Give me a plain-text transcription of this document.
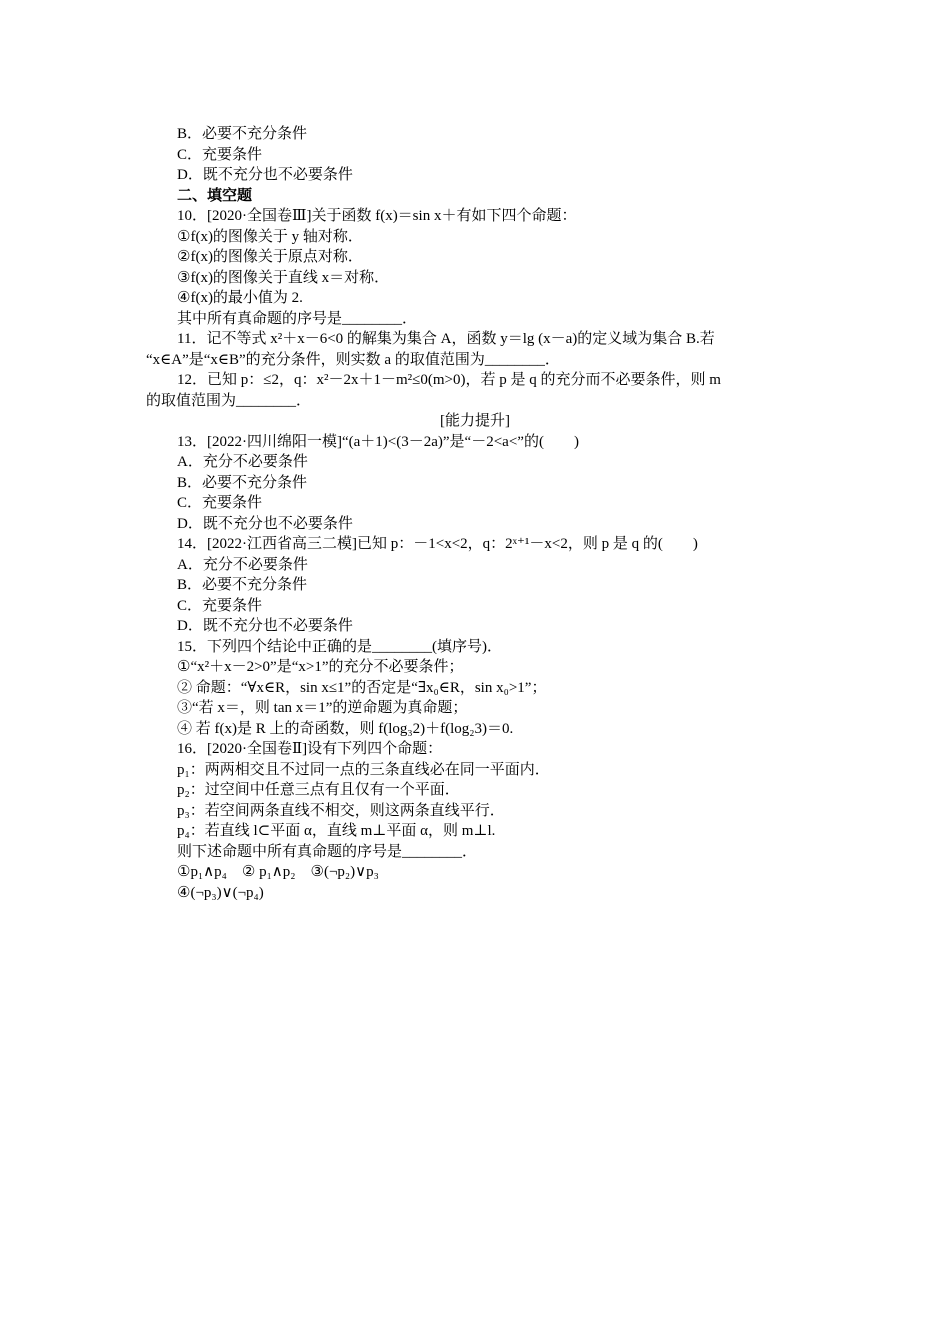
B．必要不充分条件
C．充要条件
D．既不充分也不必要条件
二、填空题
10．[2020·全国卷Ⅲ]关于函数 f(x)＝sin x＋有如下四个命题：
①f(x)的图像关于 y 轴对称．
②f(x)的图像关于原点对称．
③f(x)的图像关于直线 x＝对称．
④f(x)的最小值为 2.
其中所有真命题的序号是________．
11．记不等式 x²＋x－6<0 的解集为集合 A，函数 y＝lg (x－a)的定义域为集合 B.若
“x∈A”是“x∈B”的充分条件，则实数 a 的取值范围为________．
12．已知 p：≤2，q：x²－2x＋1－m²≤0(m>0)，若 p 是 q 的充分而不必要条件，则 m
的取值范围为________．
[能力提升]
13．[2022·四川绵阳一模]“(a＋1)<(3－2a)”是“－2<a<”的(　　)
A．充分不必要条件
B．必要不充分条件
C．充要条件
D．既不充分也不必要条件
14．[2022·江西省高三二模]已知 p：－1<x<2，q：2ˣ⁺¹－x<2，则 p 是 q 的(　　)
A．充分不必要条件
B．必要不充分条件
C．充要条件
D．既不充分也不必要条件
15．下列四个结论中正确的是________(填序号)．
①“x²＋x－2>0”是“x>1”的充分不必要条件；
② 命题：“∀x∈R，sin x≤1”的否定是“∃x₀∈R，sin x₀>1”；
③“若 x＝，则 tan x＝1”的逆命题为真命题；
④ 若 f(x)是 R 上的奇函数，则 f(log₃2)＋f(log₂3)＝0.
16．[2020·全国卷Ⅱ]设有下列四个命题：
p₁：两两相交且不过同一点的三条直线必在同一平面内．
p₂：过空间中任意三点有且仅有一个平面．
p₃：若空间两条直线不相交，则这两条直线平行．
p₄：若直线 l⊂平面 α，直线 m⊥平面 α，则 m⊥l.
则下述命题中所有真命题的序号是________．
①p₁∧p₄　② p₁∧p₂　③(¬p₂)∨p₃
④(¬p₃)∨(¬p₄)
